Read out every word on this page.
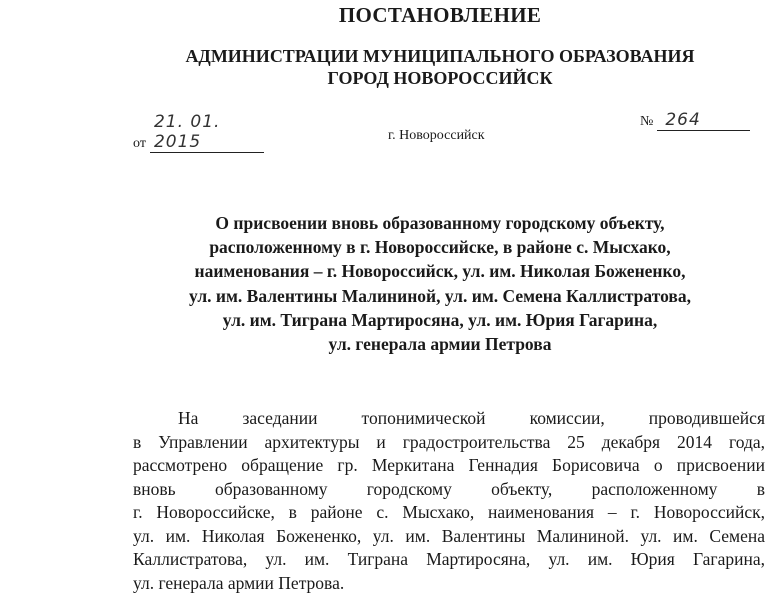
ПОСТАНОВЛЕНИЕ
АДМИНИСТРАЦИИ МУНИЦИПАЛЬНОГО ОБРАЗОВАНИЯ
ГОРОД НОВОРОССИЙСК
от 21. 01. 2015
№ 264
г. Новороссийск
О присвоении вновь образованному городскому объекту,
расположенному в г. Новороссийске, в районе с. Мысхако,
наименования – г. Новороссийск, ул. им. Николая Божененко,
ул. им. Валентины Малининой, ул. им. Семена Каллистратова,
ул. им. Тиграна Мартиросяна, ул. им. Юрия Гагарина,
ул. генерала армии Петрова
На заседании топонимической комиссии, проводившейся
в Управлении архитектуры и градостроительства 25 декабря 2014 года,
рассмотрено обращение гр. Меркитана Геннадия Борисовича о присвоении
вновь образованному городскому объекту, расположенному в
г. Новороссийске, в районе с. Мысхако, наименования – г. Новороссийск,
ул. им. Николая Божененко, ул. им. Валентины Малининой. ул. им. Семена
Каллистратова, ул. им. Тиграна Мартиросяна, ул. им. Юрия Гагарина,
ул. генерала армии Петрова.
